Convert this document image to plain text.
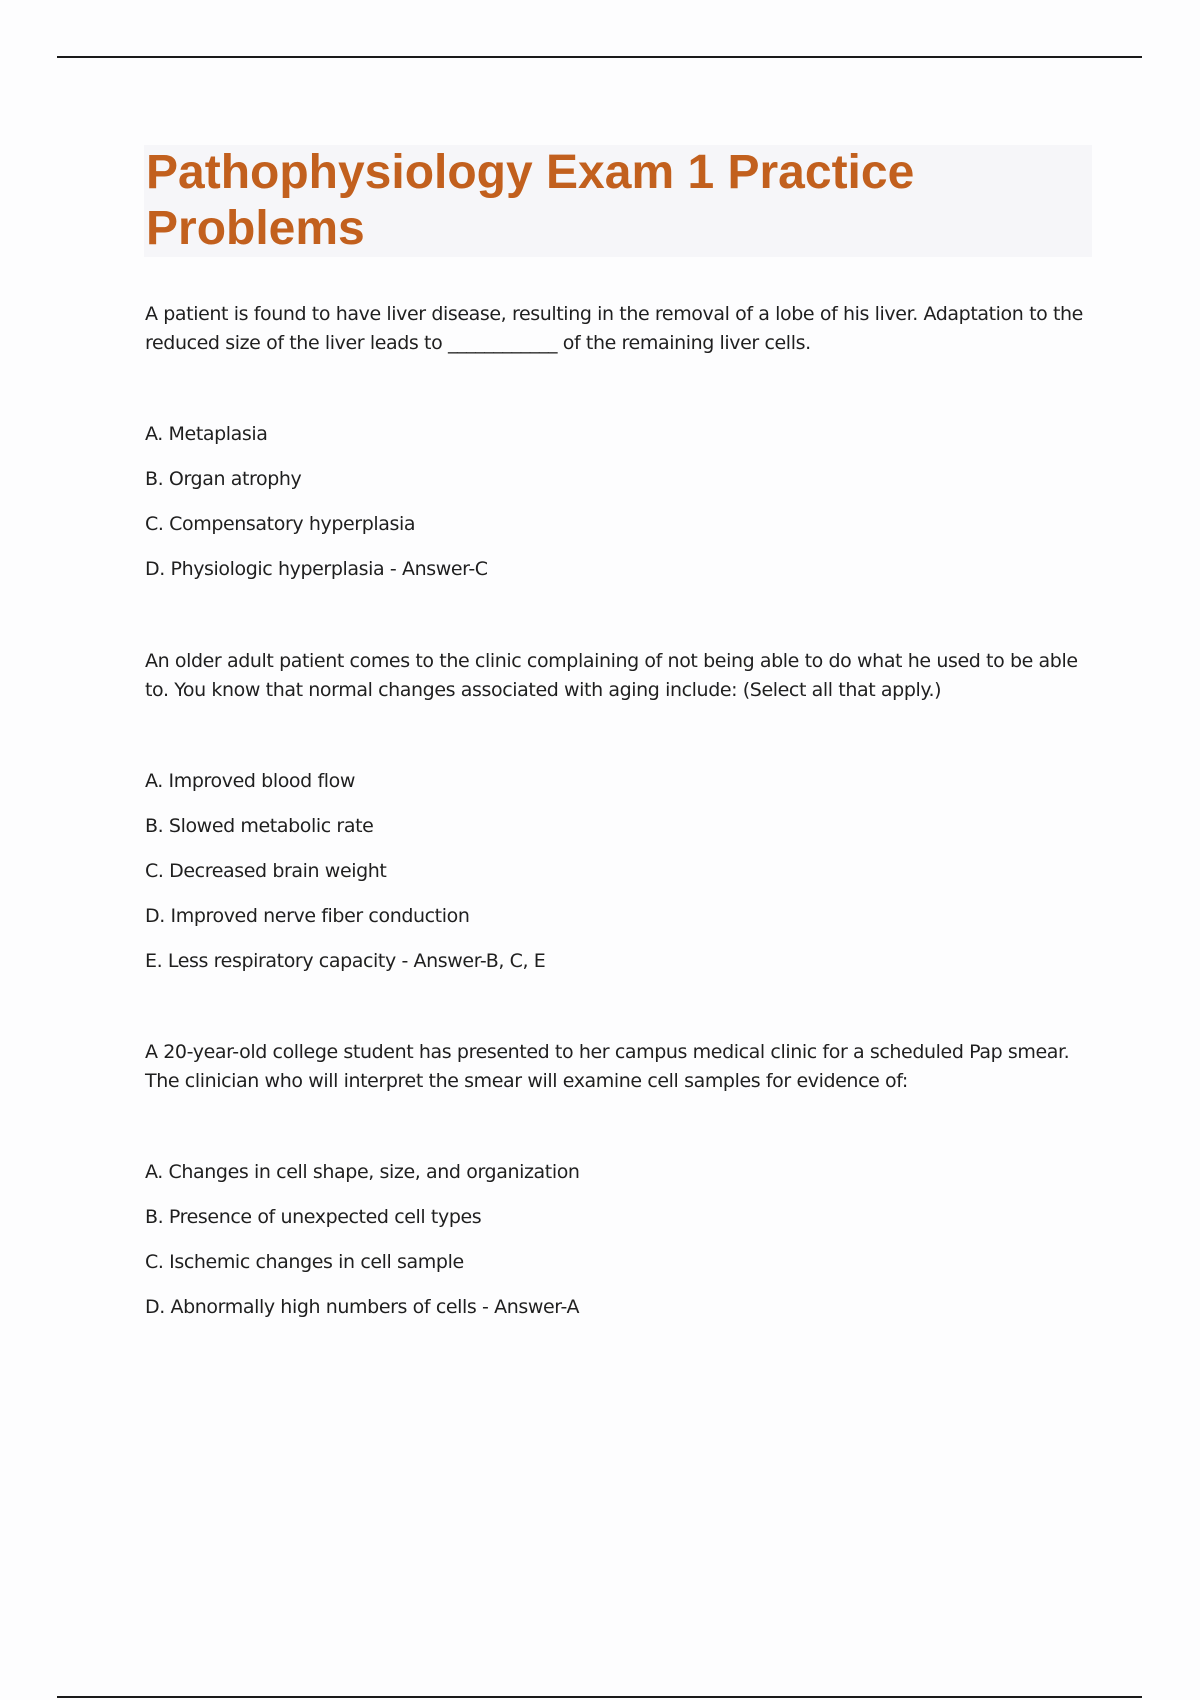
Pathophysiology Exam 1 Practice Problems

A patient is found to have liver disease, resulting in the removal of a lobe of his liver. Adaptation to the reduced size of the liver leads to ____________ of the remaining liver cells.

A. Metaplasia
B. Organ atrophy
C. Compensatory hyperplasia
D. Physiologic hyperplasia - Answer-C

An older adult patient comes to the clinic complaining of not being able to do what he used to be able to. You know that normal changes associated with aging include: (Select all that apply.)

A. Improved blood flow
B. Slowed metabolic rate
C. Decreased brain weight
D. Improved nerve fiber conduction
E. Less respiratory capacity - Answer-B, C, E

A 20-year-old college student has presented to her campus medical clinic for a scheduled Pap smear. The clinician who will interpret the smear will examine cell samples for evidence of:

A. Changes in cell shape, size, and organization
B. Presence of unexpected cell types
C. Ischemic changes in cell sample
D. Abnormally high numbers of cells - Answer-A
